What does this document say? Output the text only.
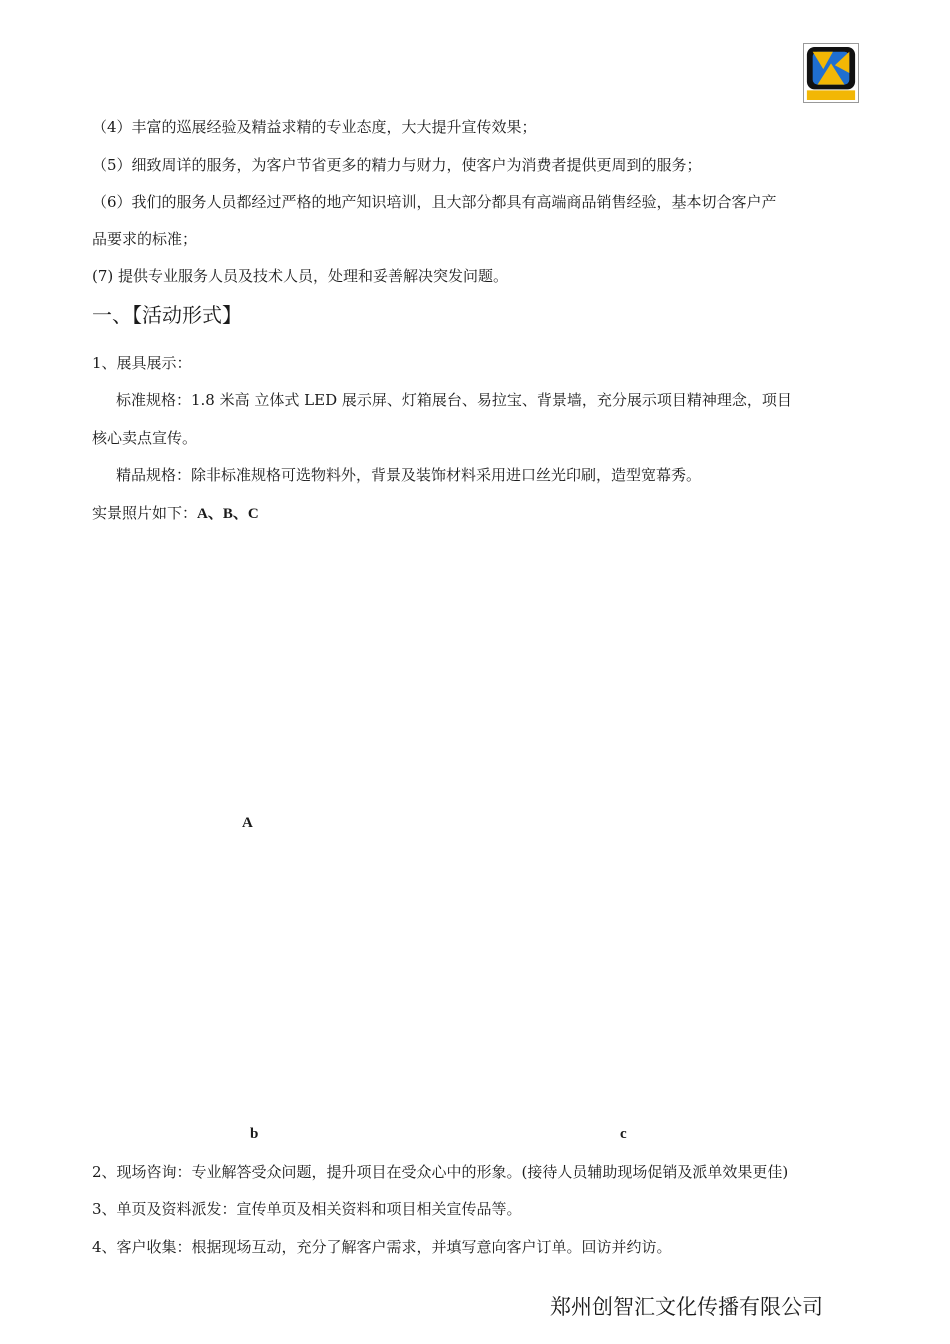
（4）丰富的巡展经验及精益求精的专业态度，大大提升宣传效果；
（5）细致周详的服务，为客户节省更多的精力与财力，使客户为消费者提供更周到的服务；
（6）我们的服务人员都经过严格的地产知识培训，且大部分都具有高端商品销售经验，基本切合客户产
品要求的标准；
(7) 提供专业服务人员及技术人员，处理和妥善解决突发问题。
一、【活动形式】
1、展具展示：
标准规格：1.8 米高 立体式 LED 展示屏、灯箱展台、易拉宝、背景墙，充分展示项目精神理念，项目
核心卖点宣传。
精品规格：除非标准规格可选物料外，背景及装饰材料采用进口丝光印刷，造型宽幕秀。
实景照片如下：A、B、C
A
b	c
2、现场咨询：专业解答受众问题，提升项目在受众心中的形象。(接待人员辅助现场促销及派单效果更佳)
3、单页及资料派发：宣传单页及相关资料和项目相关宣传品等。
4、客户收集：根据现场互动，充分了解客户需求，并填写意向客户订单。回访并约访。
郑州创智汇文化传播有限公司
